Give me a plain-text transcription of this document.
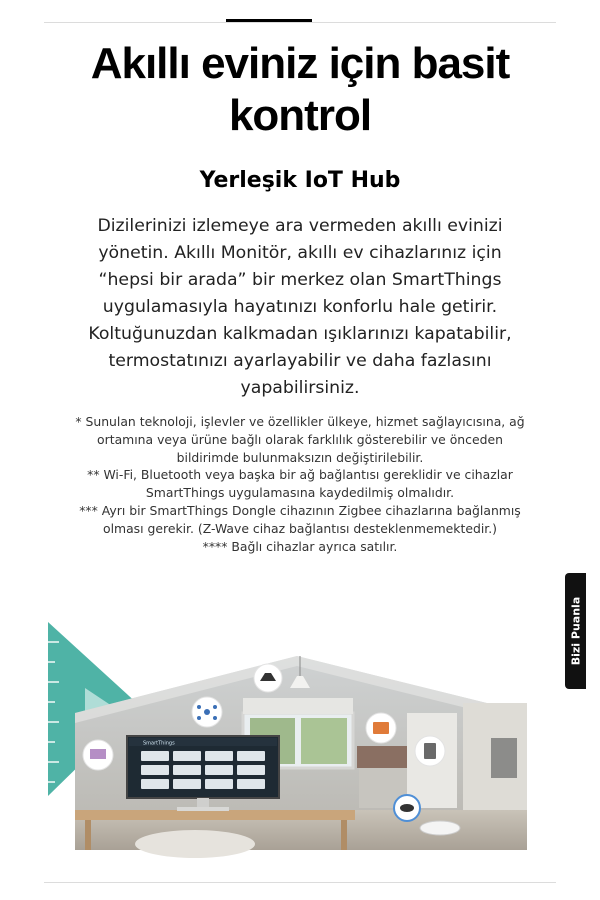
Akıllı eviniz için basit kontrol
Yerleşik IoT Hub

Dizilerinizi izlemeye ara vermeden akıllı evinizi yönetin. Akıllı Monitör, akıllı ev cihazlarınız için “hepsi bir arada” bir merkez olan SmartThings uygulamasıyla hayatınızı konforlu hale getirir. Koltuğunuzdan kalkmadan ışıklarınızı kapatabilir, termostatınızı ayarlayabilir ve daha fazlasını yapabilirsiniz.

* Sunulan teknoloji, işlevler ve özellikler ülkeye, hizmet sağlayıcısına, ağ ortamına veya ürüne bağlı olarak farklılık gösterebilir ve önceden bildirimde bulunmaksızın değiştirilebilir.

** Wi-Fi, Bluetooth veya başka bir ağ bağlantısı gereklidir ve cihazlar SmartThings uygulamasına kaydedilmiş olmalıdır.

*** Ayrı bir SmartThings Dongle cihazının Zigbee cihazlarına bağlanmış olması gerekir. (Z-Wave cihaz bağlantısı desteklenmemektedir.)

**** Bağlı cihazlar ayrıca satılır.

Bizi Puanla
SmartThings
